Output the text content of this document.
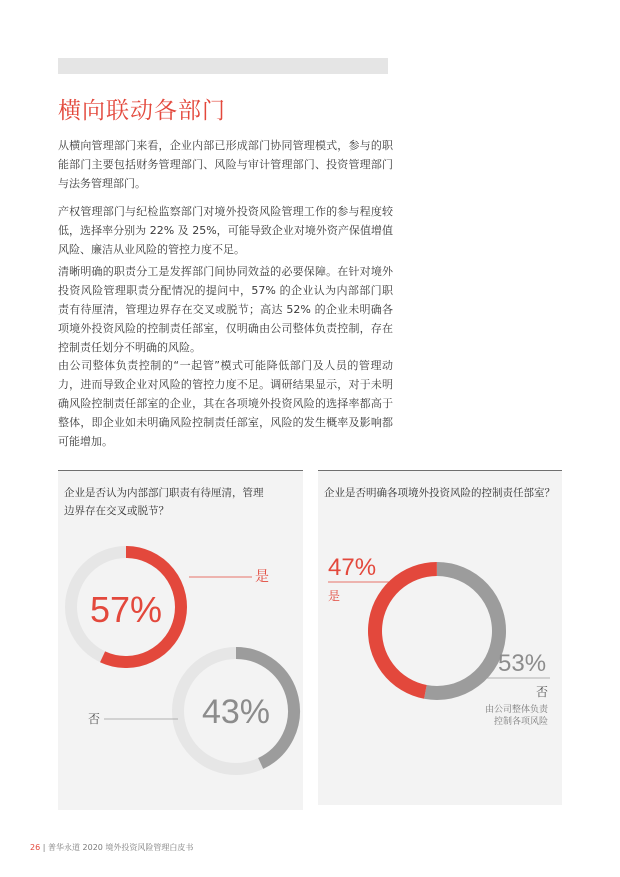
横向联动各部门
从横向管理部门来看，企业内部已形成部门协同管理模式，参与的职能部门主要包括财务管理部门、风险与审计管理部门、投资管理部门与法务管理部门。
产权管理部门与纪检监察部门对境外投资风险管理工作的参与程度较低，选择率分别为 22% 及 25%，可能导致企业对境外资产保值增值风险、廉洁从业风险的管控力度不足。
清晰明确的职责分工是发挥部门间协同效益的必要保障。在针对境外投资风险管理职责分配情况的提问中，57% 的企业认为内部部门职责有待厘清，管理边界存在交叉或脱节；高达 52% 的企业未明确各项境外投资风险的控制责任部室，仅明确由公司整体负责控制，存在控制责任划分不明确的风险。
由公司整体负责控制的“一起管”模式可能降低部门及人员的管理动力，进而导致企业对风险的管控力度不足。调研结果显示，对于未明确风险控制责任部室的企业，其在各项境外投资风险的选择率都高于整体，即企业如未明确风险控制责任部室，风险的发生概率及影响都可能增加。
企业是否认为内部部门职责有待厘清，管理边界存在交叉或脱节？
57%
是
43%
否
企业是否明确各项境外投资风险的控制责任部室？
47%
是
53%
否
由公司整体负责
控制各项风险
26 | 普华永道 2020 境外投资风险管理白皮书
